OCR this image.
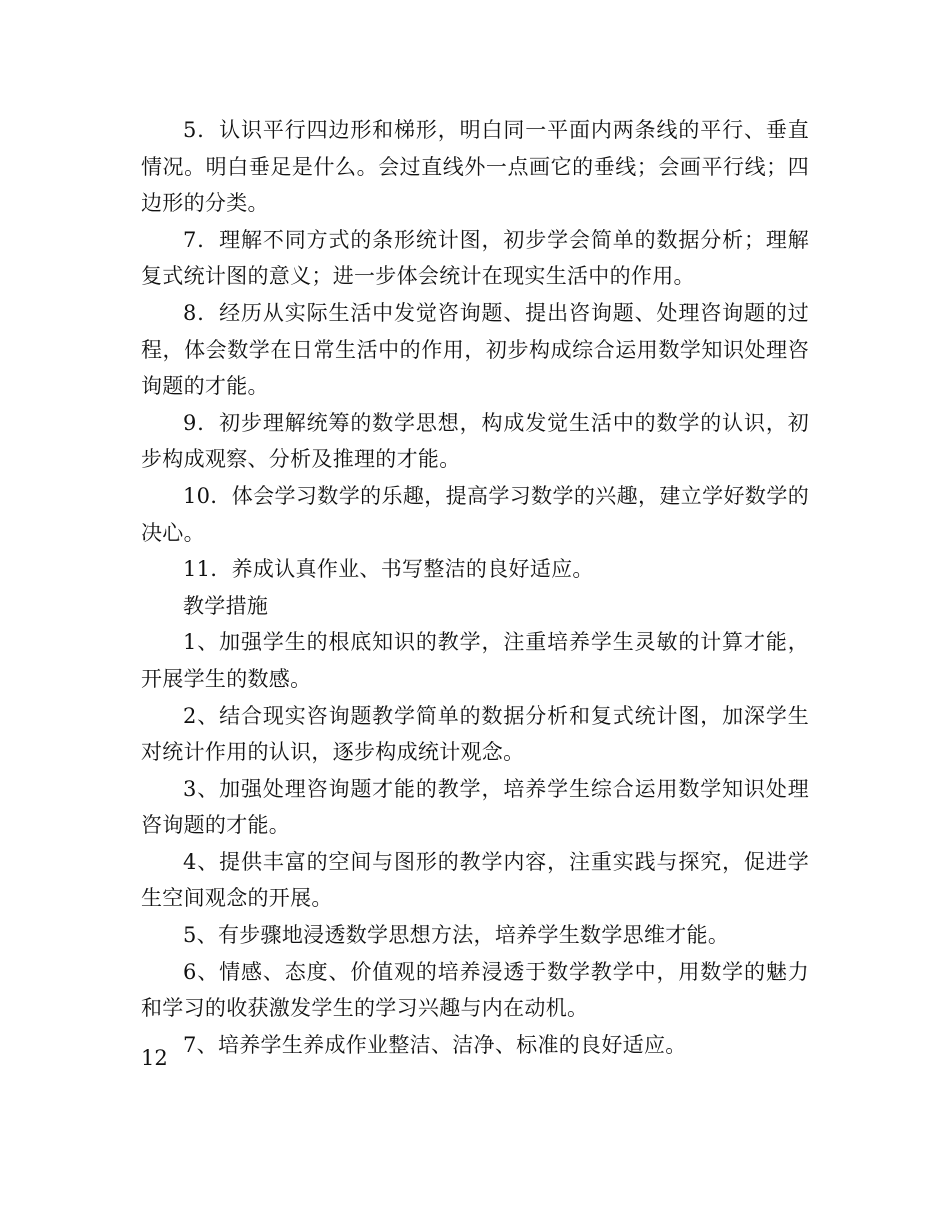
5．认识平行四边形和梯形，明白同一平面内两条线的平行、垂直情况。明白垂足是什么。会过直线外一点画它的垂线；会画平行线；四边形的分类。

7．理解不同方式的条形统计图，初步学会简单的数据分析；理解复式统计图的意义；进一步体会统计在现实生活中的作用。

8．经历从实际生活中发觉咨询题、提出咨询题、处理咨询题的过程，体会数学在日常生活中的作用，初步构成综合运用数学知识处理咨询题的才能。

9．初步理解统筹的数学思想，构成发觉生活中的数学的认识，初步构成观察、分析及推理的才能。

10．体会学习数学的乐趣，提高学习数学的兴趣，建立学好数学的决心。

11．养成认真作业、书写整洁的良好适应。

教学措施

1、加强学生的根底知识的教学，注重培养学生灵敏的计算才能，开展学生的数感。

2、结合现实咨询题教学简单的数据分析和复式统计图，加深学生对统计作用的认识，逐步构成统计观念。

3、加强处理咨询题才能的教学，培养学生综合运用数学知识处理咨询题的才能。

4、提供丰富的空间与图形的教学内容，注重实践与探究，促进学生空间观念的开展。

5、有步骤地浸透数学思想方法，培养学生数学思维才能。

6、情感、态度、价值观的培养浸透于数学教学中，用数学的魅力和学习的收获激发学生的学习兴趣与内在动机。

7、培养学生养成作业整洁、洁净、标准的良好适应。

12
